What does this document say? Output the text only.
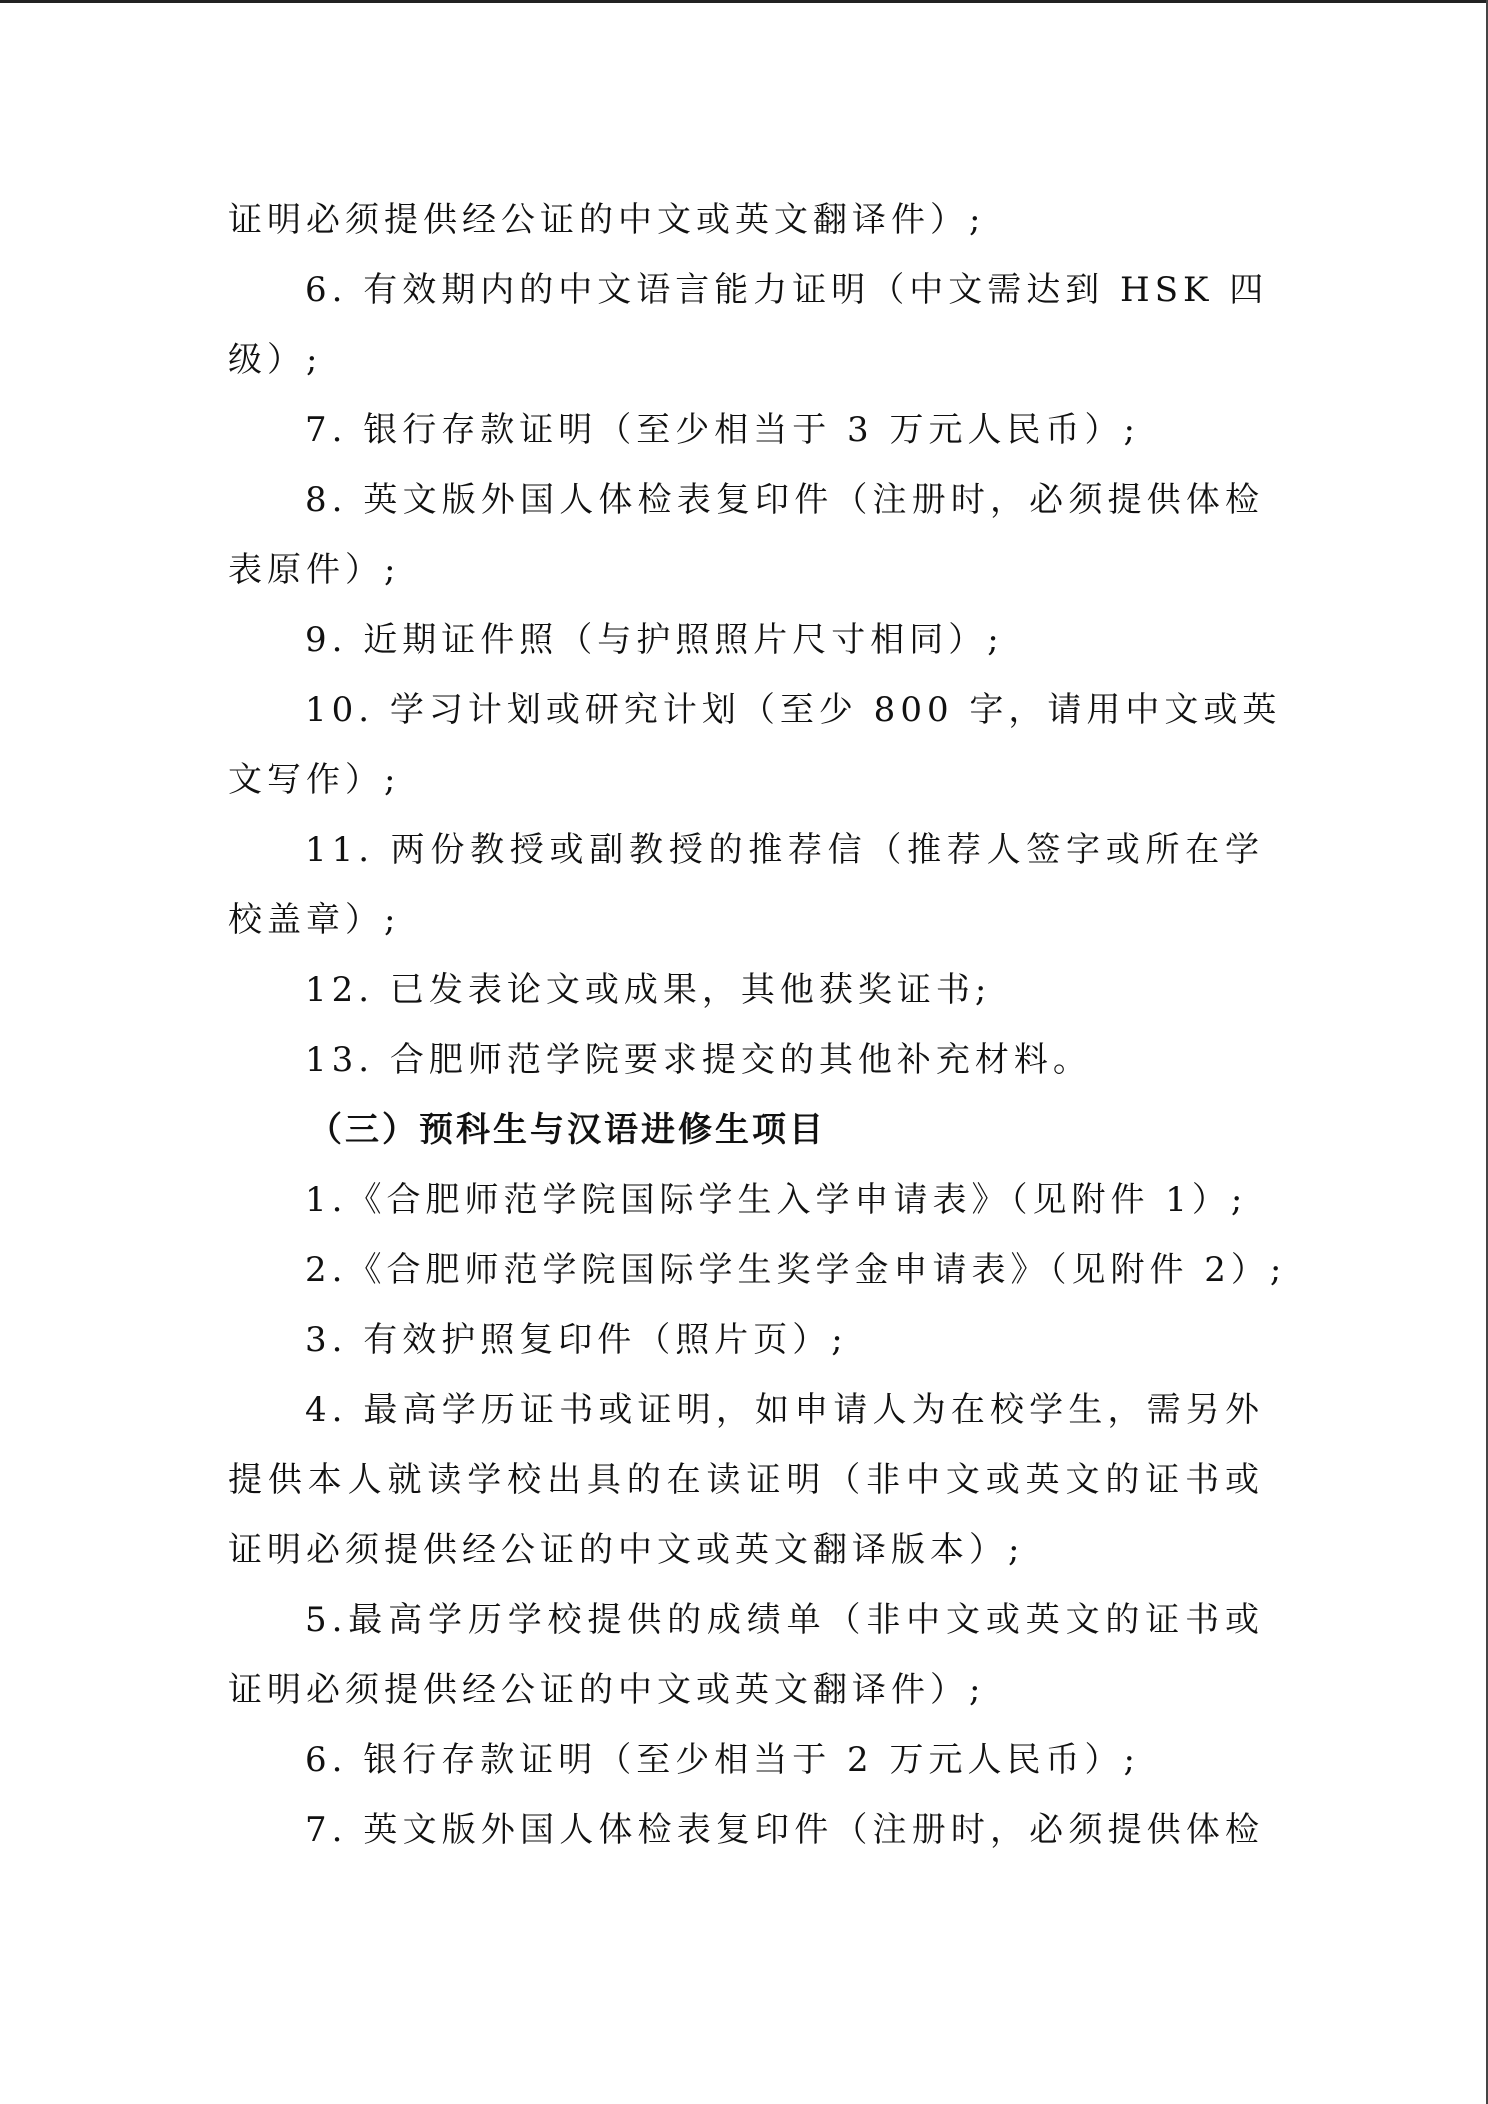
证明必须提供经公证的中文或英文翻译件）;
6. 有效期内的中文语言能力证明（中文需达到 HSK 四
级）;
7. 银行存款证明（至少相当于 3 万元人民币）;
8. 英文版外国人体检表复印件（注册时，必须提供体检
表原件）;
9. 近期证件照（与护照照片尺寸相同）;
10. 学习计划或研究计划（至少 800 字，请用中文或英
文写作）;
11. 两份教授或副教授的推荐信（推荐人签字或所在学
校盖章）;
12. 已发表论文或成果，其他获奖证书;
13. 合肥师范学院要求提交的其他补充材料。
（三）预科生与汉语进修生项目
1.《合肥师范学院国际学生入学申请表》（见附件 1）;
2.《合肥师范学院国际学生奖学金申请表》（见附件 2）;
3. 有效护照复印件（照片页）;
4. 最高学历证书或证明，如申请人为在校学生，需另外
提供本人就读学校出具的在读证明（非中文或英文的证书或
证明必须提供经公证的中文或英文翻译版本）;
5.最高学历学校提供的成绩单（非中文或英文的证书或
证明必须提供经公证的中文或英文翻译件）;
6. 银行存款证明（至少相当于 2 万元人民币）;
7. 英文版外国人体检表复印件（注册时，必须提供体检
